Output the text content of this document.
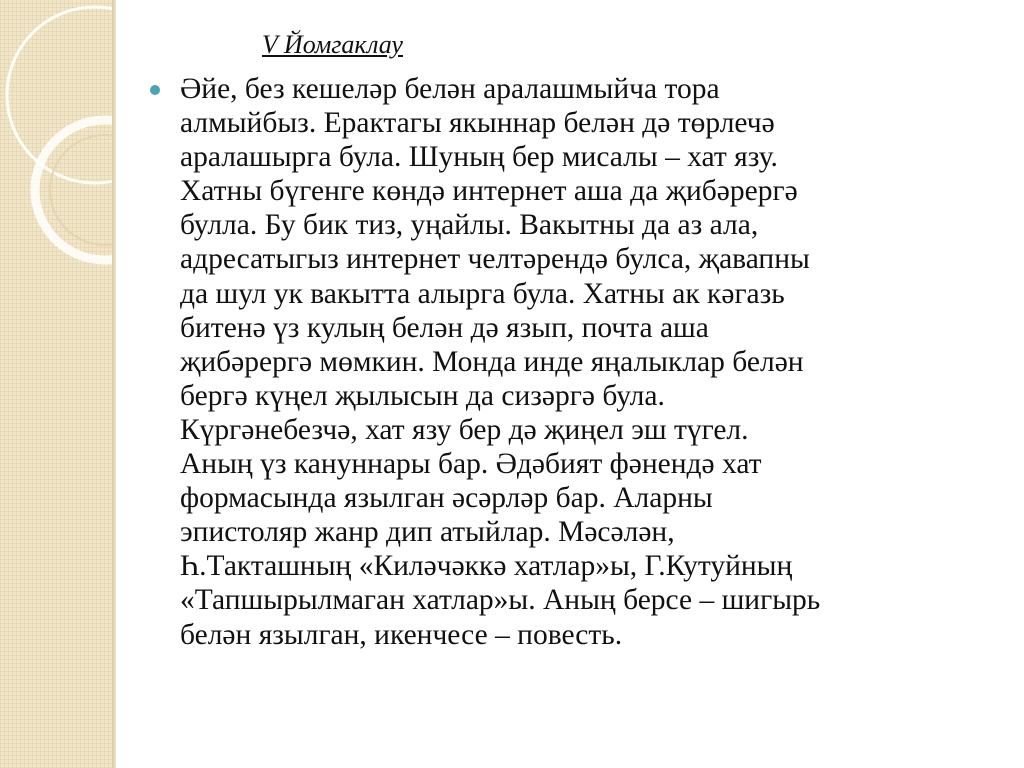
V Йомгаклау

Әйе, без кешеләр белән аралашмыйча тора
алмыйбыз. Ерактагы якыннар белән дә төрлечә
аралашырга була. Шуның бер мисалы – хат язу.
Хатны бүгенге көндә интернет аша да җибәрергә
булла. Бу бик тиз, уңайлы. Вакытны да аз ала,
адресатыгыз интернет челтәрендә булса, җавапны
да шул ук вакытта алырга була. Хатны ак кәгазь
битенә үз кулың белән дә язып, почта аша
җибәрергә мөмкин. Монда инде яңалыклар белән
бергә күңел җылысын да сизәргә була.
Күргәнебезчә, хат язу бер дә җиңел эш түгел.
Аның үз кануннары бар. Әдәбият фәнендә хат
формасында язылган әсәрләр бар. Аларны
эпистоляр жанр дип атыйлар. Мәсәлән,
Һ.Такташның «Киләчәккә хатлар»ы, Г.Кутуйның
«Тапшырылмаган хатлар»ы. Аның берсе – шигырь
белән язылган, икенчесе – повесть.
